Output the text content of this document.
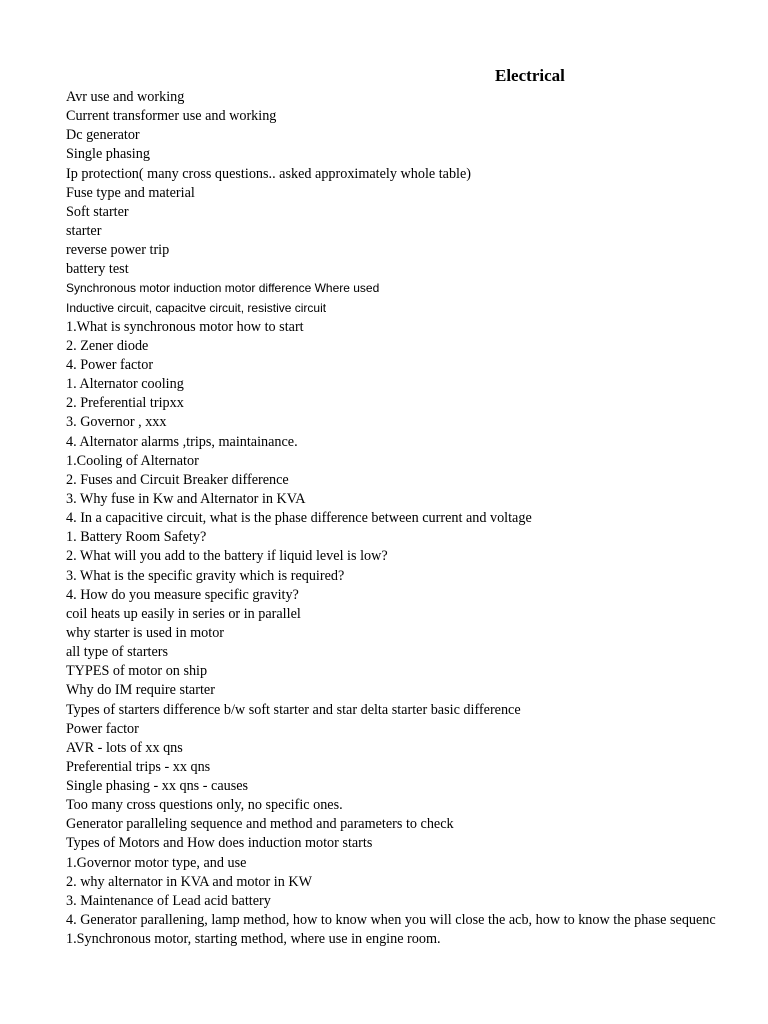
Electrical
Avr use and working
Current transformer use and working
Dc generator
Single phasing
Ip protection( many cross questions.. asked approximately whole table)
Fuse type and material
Soft starter
starter
reverse power trip
battery test
Synchronous motor induction motor difference Where used
Inductive circuit, capacitve circuit, resistive circuit
1.What is synchronous motor how to start
2. Zener diode
4. Power factor
1. Alternator cooling
2. Preferential tripxx
3. Governor , xxx
4. Alternator alarms ,trips, maintainance.
1.Cooling of Alternator
2. Fuses and Circuit Breaker difference
3. Why fuse in Kw and Alternator in KVA
4. In a capacitive circuit, what is the phase difference between current and voltage
1. Battery Room Safety?
2. What will you add to the battery if liquid level is low?
3. What is the specific gravity which is required?
4. How do you measure specific gravity?
coil heats up easily in series or in parallel
why starter is used in motor
all type of starters
TYPES of motor on ship
Why do IM require starter
Types of starters difference b/w soft starter and star delta starter basic difference
Power factor
AVR - lots of xx qns
Preferential trips - xx qns
Single phasing - xx qns - causes
Too many cross questions only, no specific ones.
Generator paralleling sequence and method and parameters to check
Types of Motors and How does induction motor starts
1.Governor motor type, and use
2. why alternator in KVA and motor in KW
3. Maintenance of Lead acid battery
4. Generator parallening, lamp method, how to know when you will close the acb, how to know the phase sequenc
1.Synchronous motor, starting method, where use in engine room.
